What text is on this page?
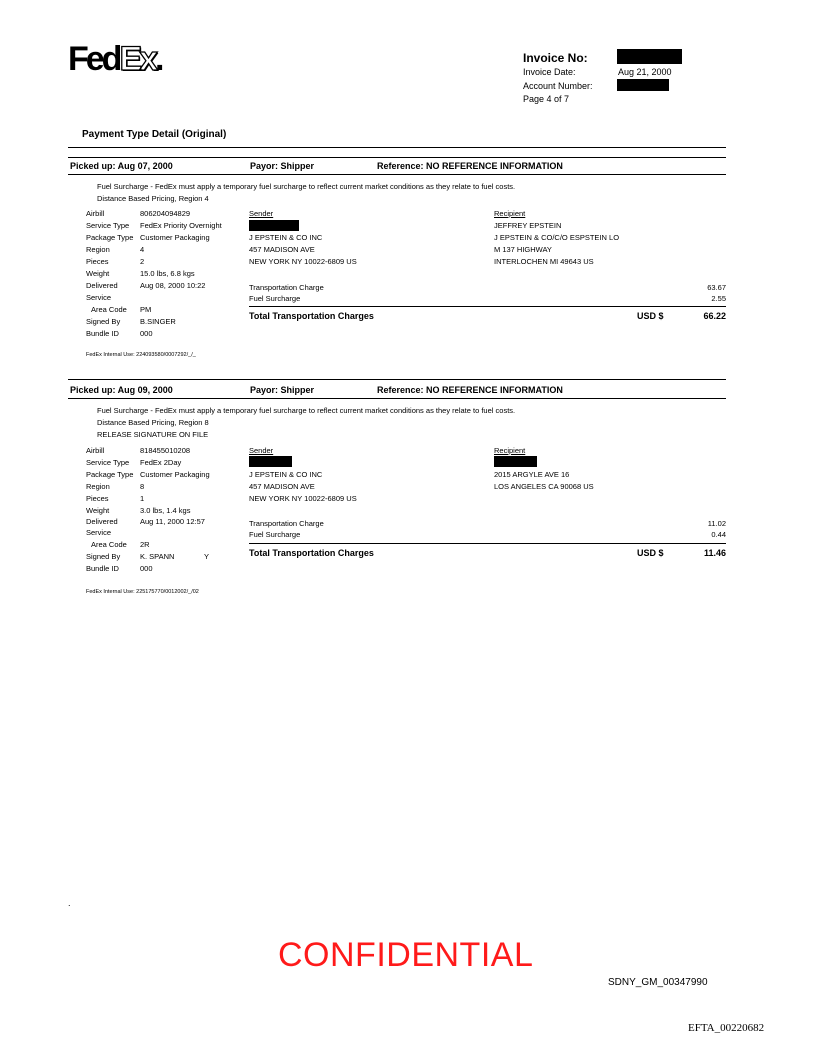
FedEx.	Invoice No:
Invoice Date:	Aug 21, 2000
Account Number:
Page 4 of 7
Payment Type Detail (Original)
Picked up: Aug 07, 2000	Payor: Shipper	Reference: NO REFERENCE INFORMATION
Fuel Surcharge - FedEx must apply a temporary fuel surcharge to reflect current market conditions as they relate to fuel costs.
Distance Based Pricing, Region 4
Airbill	806204094829
Service Type FedEx Priority Overnight
Package Type Customer Packaging
Region	4
Pieces	2
Weight	15.0 lbs, 6.8 kgs
Delivered	Aug 08, 2000 10:22
Service
Area Code PM
Signed By	B.SINGER
Bundle ID	000
Sender
J EPSTEIN & CO INC
457 MADISON AVE
NEW YORK NY 10022-6809 US
Recipient
JEFFREY EPSTEIN
J EPSTEIN & CO/C/O ESPSTEIN LO
M 137 HIGHWAY
INTERLOCHEN MI 49643 US
Transportation Charge	63.67
Fuel Surcharge	2.55
Total Transportation Charges	USD $	66.22
FedEx Internal Use: 224093580/0007292/_/_
Picked up: Aug 09, 2000	Payor: Shipper	Reference: NO REFERENCE INFORMATION
Fuel Surcharge - FedEx must apply a temporary fuel surcharge to reflect current market conditions as they relate to fuel costs.
Distance Based Pricing, Region 8
RELEASE SIGNATURE ON FILE
Airbill	818455010208
Service Type FedEx 2Day
Package Type Customer Packaging
Region	8
Pieces	1
Weight	3.0 lbs, 1.4 kgs
Delivered	Aug 11, 2000 12:57
Service
Area Code 2R
Signed By	K. SPANN	Y
Bundle ID	000
Sender
J EPSTEIN & CO INC
457 MADISON AVE
NEW YORK NY 10022-6809 US
Recipient
2015 ARGYLE AVE 16
LOS ANGELES CA 90068 US
Transportation Charge	11.02
Fuel Surcharge	0.44
Total Transportation Charges	USD $	11.46
FedEx Internal Use: 225175770/0012002/_/02
.
CONFIDENTIAL
SDNY_GM_00347990
EFTA_00220682
